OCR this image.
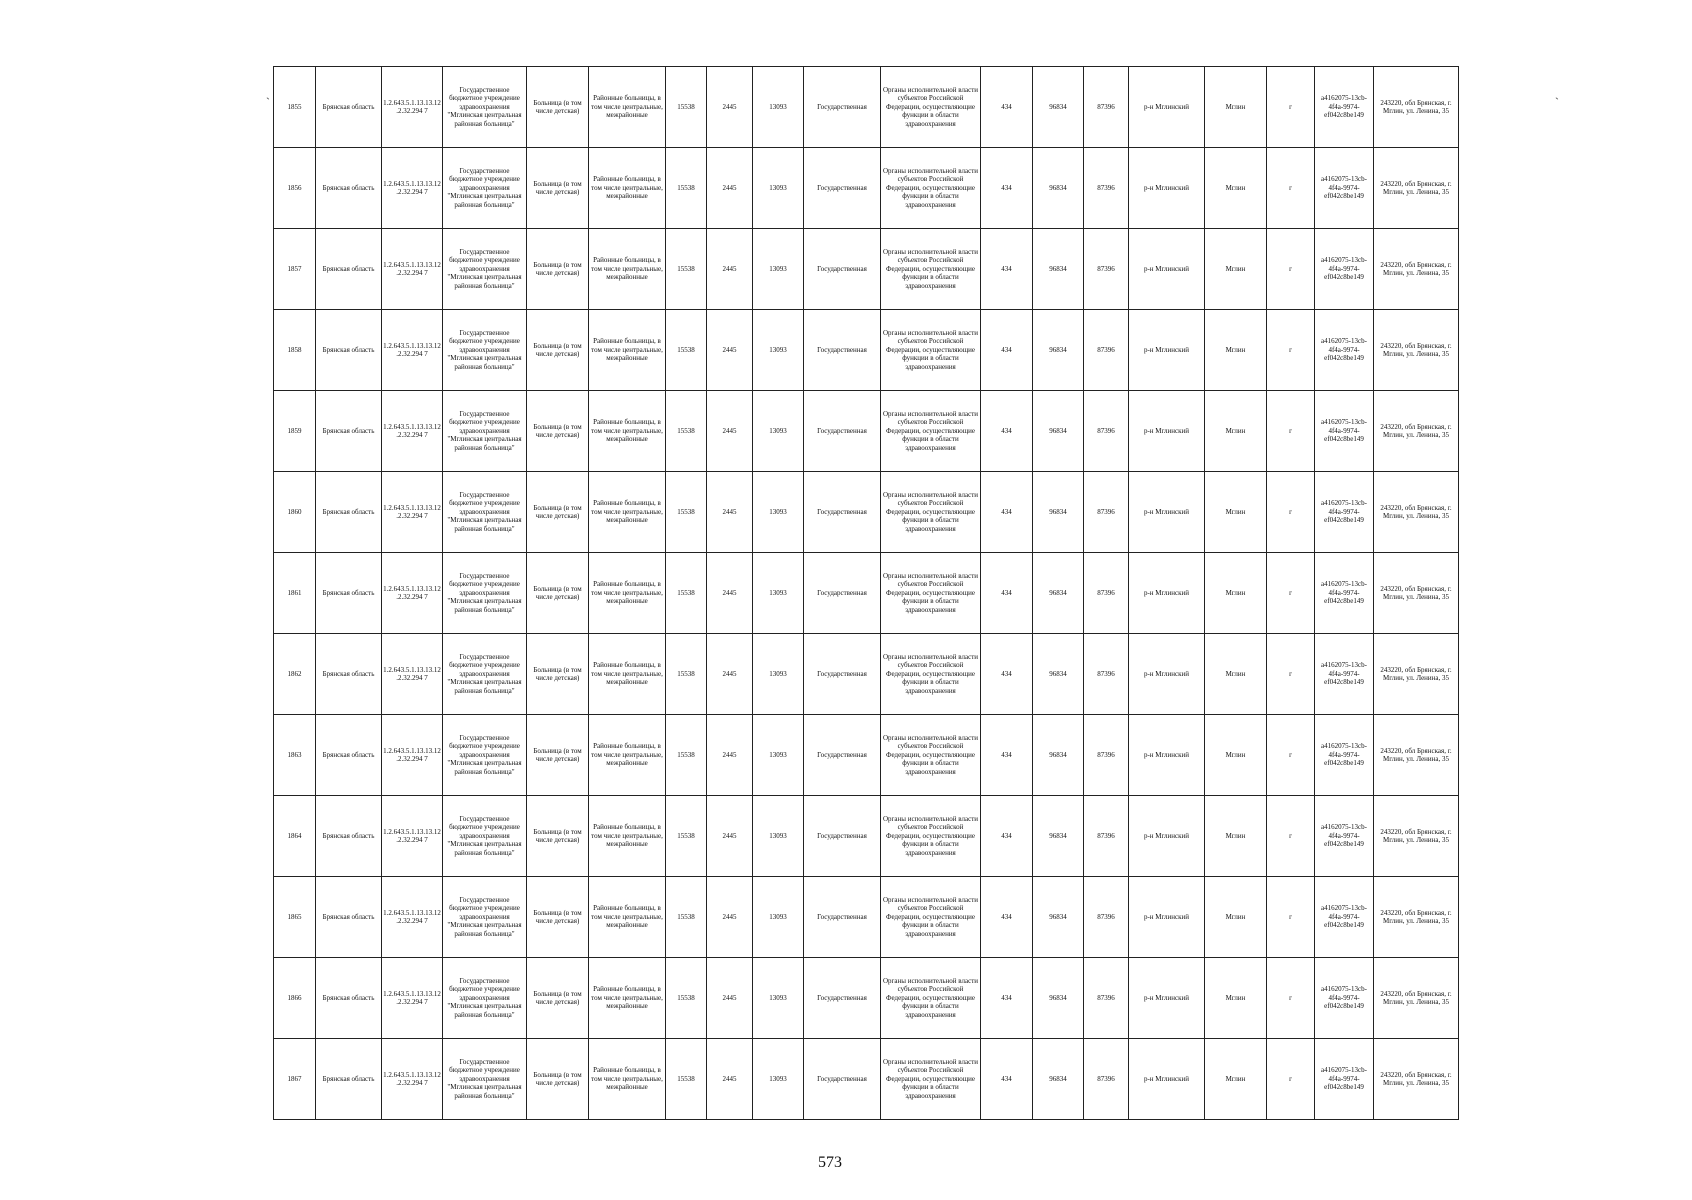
`	`
1855	Брянская область	1.2.643.5.1.13.13.12.2.32.294 7	Государственное бюджетное учреждение здравоохранения "Мглинская центральная районная больница"	Больница (в том числе детская)	Районные больницы, в том числе центральные, межрайонные	15538	2445	13093	Государственная	Органы исполнительной власти субъектов Российской Федерации, осуществляющие функции в области здравоохранения	434	96834	87396	р-н Мглинский	Мглин	г	a4162075-13cb-4f4a-9974-ef042c8be149	243220, обл Брянская, г. Мглин, ул. Ленина, 35
1856	Брянская область	1.2.643.5.1.13.13.12.2.32.294 7	Государственное бюджетное учреждение здравоохранения "Мглинская центральная районная больница"	Больница (в том числе детская)	Районные больницы, в том числе центральные, межрайонные	15538	2445	13093	Государственная	Органы исполнительной власти субъектов Российской Федерации, осуществляющие функции в области здравоохранения	434	96834	87396	р-н Мглинский	Мглин	г	a4162075-13cb-4f4a-9974-ef042c8be149	243220, обл Брянская, г. Мглин, ул. Ленина, 35
1857	Брянская область	1.2.643.5.1.13.13.12.2.32.294 7	Государственное бюджетное учреждение здравоохранения "Мглинская центральная районная больница"	Больница (в том числе детская)	Районные больницы, в том числе центральные, межрайонные	15538	2445	13093	Государственная	Органы исполнительной власти субъектов Российской Федерации, осуществляющие функции в области здравоохранения	434	96834	87396	р-н Мглинский	Мглин	г	a4162075-13cb-4f4a-9974-ef042c8be149	243220, обл Брянская, г. Мглин, ул. Ленина, 35
1858	Брянская область	1.2.643.5.1.13.13.12.2.32.294 7	Государственное бюджетное учреждение здравоохранения "Мглинская центральная районная больница"	Больница (в том числе детская)	Районные больницы, в том числе центральные, межрайонные	15538	2445	13093	Государственная	Органы исполнительной власти субъектов Российской Федерации, осуществляющие функции в области здравоохранения	434	96834	87396	р-н Мглинский	Мглин	г	a4162075-13cb-4f4a-9974-ef042c8be149	243220, обл Брянская, г. Мглин, ул. Ленина, 35
1859	Брянская область	1.2.643.5.1.13.13.12.2.32.294 7	Государственное бюджетное учреждение здравоохранения "Мглинская центральная районная больница"	Больница (в том числе детская)	Районные больницы, в том числе центральные, межрайонные	15538	2445	13093	Государственная	Органы исполнительной власти субъектов Российской Федерации, осуществляющие функции в области здравоохранения	434	96834	87396	р-н Мглинский	Мглин	г	a4162075-13cb-4f4a-9974-ef042c8be149	243220, обл Брянская, г. Мглин, ул. Ленина, 35
1860	Брянская область	1.2.643.5.1.13.13.12.2.32.294 7	Государственное бюджетное учреждение здравоохранения "Мглинская центральная районная больница"	Больница (в том числе детская)	Районные больницы, в том числе центральные, межрайонные	15538	2445	13093	Государственная	Органы исполнительной власти субъектов Российской Федерации, осуществляющие функции в области здравоохранения	434	96834	87396	р-н Мглинский	Мглин	г	a4162075-13cb-4f4a-9974-ef042c8be149	243220, обл Брянская, г. Мглин, ул. Ленина, 35
1861	Брянская область	1.2.643.5.1.13.13.12.2.32.294 7	Государственное бюджетное учреждение здравоохранения "Мглинская центральная районная больница"	Больница (в том числе детская)	Районные больницы, в том числе центральные, межрайонные	15538	2445	13093	Государственная	Органы исполнительной власти субъектов Российской Федерации, осуществляющие функции в области здравоохранения	434	96834	87396	р-н Мглинский	Мглин	г	a4162075-13cb-4f4a-9974-ef042c8be149	243220, обл Брянская, г. Мглин, ул. Ленина, 35
1862	Брянская область	1.2.643.5.1.13.13.12.2.32.294 7	Государственное бюджетное учреждение здравоохранения "Мглинская центральная районная больница"	Больница (в том числе детская)	Районные больницы, в том числе центральные, межрайонные	15538	2445	13093	Государственная	Органы исполнительной власти субъектов Российской Федерации, осуществляющие функции в области здравоохранения	434	96834	87396	р-н Мглинский	Мглин	г	a4162075-13cb-4f4a-9974-ef042c8be149	243220, обл Брянская, г. Мглин, ул. Ленина, 35
1863	Брянская область	1.2.643.5.1.13.13.12.2.32.294 7	Государственное бюджетное учреждение здравоохранения "Мглинская центральная районная больница"	Больница (в том числе детская)	Районные больницы, в том числе центральные, межрайонные	15538	2445	13093	Государственная	Органы исполнительной власти субъектов Российской Федерации, осуществляющие функции в области здравоохранения	434	96834	87396	р-н Мглинский	Мглин	г	a4162075-13cb-4f4a-9974-ef042c8be149	243220, обл Брянская, г. Мглин, ул. Ленина, 35
1864	Брянская область	1.2.643.5.1.13.13.12.2.32.294 7	Государственное бюджетное учреждение здравоохранения "Мглинская центральная районная больница"	Больница (в том числе детская)	Районные больницы, в том числе центральные, межрайонные	15538	2445	13093	Государственная	Органы исполнительной власти субъектов Российской Федерации, осуществляющие функции в области здравоохранения	434	96834	87396	р-н Мглинский	Мглин	г	a4162075-13cb-4f4a-9974-ef042c8be149	243220, обл Брянская, г. Мглин, ул. Ленина, 35
1865	Брянская область	1.2.643.5.1.13.13.12.2.32.294 7	Государственное бюджетное учреждение здравоохранения "Мглинская центральная районная больница"	Больница (в том числе детская)	Районные больницы, в том числе центральные, межрайонные	15538	2445	13093	Государственная	Органы исполнительной власти субъектов Российской Федерации, осуществляющие функции в области здравоохранения	434	96834	87396	р-н Мглинский	Мглин	г	a4162075-13cb-4f4a-9974-ef042c8be149	243220, обл Брянская, г. Мглин, ул. Ленина, 35
1866	Брянская область	1.2.643.5.1.13.13.12.2.32.294 7	Государственное бюджетное учреждение здравоохранения "Мглинская центральная районная больница"	Больница (в том числе детская)	Районные больницы, в том числе центральные, межрайонные	15538	2445	13093	Государственная	Органы исполнительной власти субъектов Российской Федерации, осуществляющие функции в области здравоохранения	434	96834	87396	р-н Мглинский	Мглин	г	a4162075-13cb-4f4a-9974-ef042c8be149	243220, обл Брянская, г. Мглин, ул. Ленина, 35
1867	Брянская область	1.2.643.5.1.13.13.12.2.32.294 7	Государственное бюджетное учреждение здравоохранения "Мглинская центральная районная больница"	Больница (в том числе детская)	Районные больницы, в том числе центральные, межрайонные	15538	2445	13093	Государственная	Органы исполнительной власти субъектов Российской Федерации, осуществляющие функции в области здравоохранения	434	96834	87396	р-н Мглинский	Мглин	г	a4162075-13cb-4f4a-9974-ef042c8be149	243220, обл Брянская, г. Мглин, ул. Ленина, 35
573
